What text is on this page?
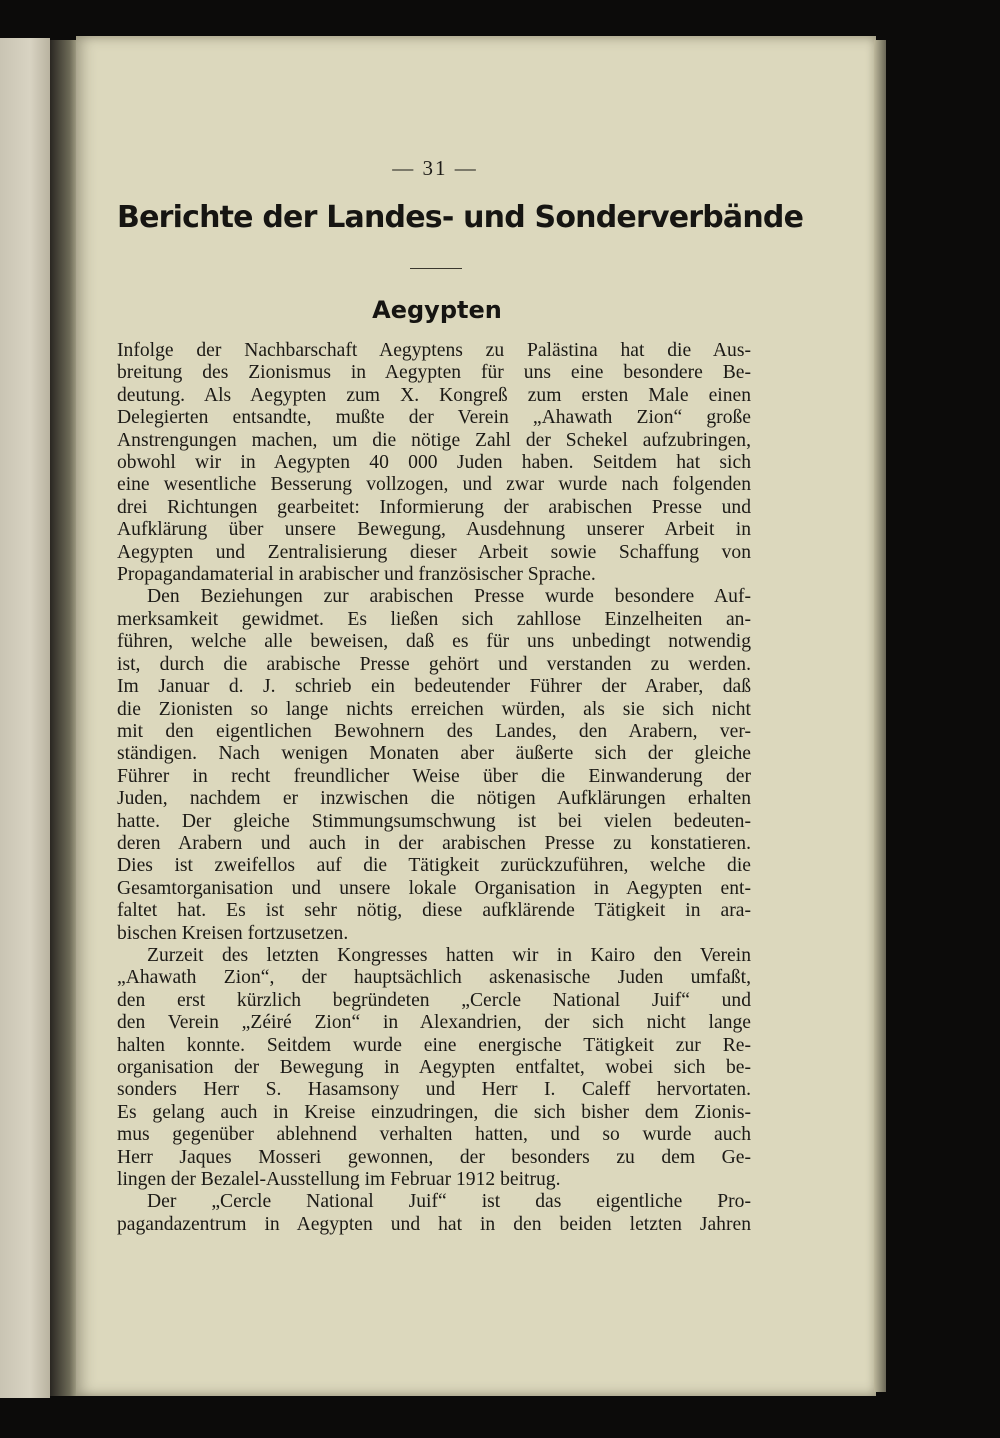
— 31 —
Berichte der Landes- und Sonderverbände
Aegypten

Infolge der Nachbarschaft Aegyptens zu Palästina hat die Aus-
breitung des Zionismus in Aegypten für uns eine besondere Be-
deutung. Als Aegypten zum X. Kongreß zum ersten Male einen
Delegierten entsandte, mußte der Verein „Ahawath Zion“ große
Anstrengungen machen, um die nötige Zahl der Schekel aufzubringen,
obwohl wir in Aegypten 40 000 Juden haben. Seitdem hat sich
eine wesentliche Besserung vollzogen, und zwar wurde nach folgenden
drei Richtungen gearbeitet: Informierung der arabischen Presse und
Aufklärung über unsere Bewegung, Ausdehnung unserer Arbeit in
Aegypten und Zentralisierung dieser Arbeit sowie Schaffung von
Propagandamaterial in arabischer und französischer Sprache.

Den Beziehungen zur arabischen Presse wurde besondere Auf-
merksamkeit gewidmet. Es ließen sich zahllose Einzelheiten an-
führen, welche alle beweisen, daß es für uns unbedingt notwendig
ist, durch die arabische Presse gehört und verstanden zu werden.
Im Januar d. J. schrieb ein bedeutender Führer der Araber, daß
die Zionisten so lange nichts erreichen würden, als sie sich nicht
mit den eigentlichen Bewohnern des Landes, den Arabern, ver-
ständigen. Nach wenigen Monaten aber äußerte sich der gleiche
Führer in recht freundlicher Weise über die Einwanderung der
Juden, nachdem er inzwischen die nötigen Aufklärungen erhalten
hatte. Der gleiche Stimmungsumschwung ist bei vielen bedeuten-
deren Arabern und auch in der arabischen Presse zu konstatieren.
Dies ist zweifellos auf die Tätigkeit zurückzuführen, welche die
Gesamtorganisation und unsere lokale Organisation in Aegypten ent-
faltet hat. Es ist sehr nötig, diese aufklärende Tätigkeit in ara-
bischen Kreisen fortzusetzen.

Zurzeit des letzten Kongresses hatten wir in Kairo den Verein
„Ahawath Zion“, der hauptsächlich askenasische Juden umfaßt,
den erst kürzlich begründeten „Cercle National Juif“ und
den Verein „Zéiré Zion“ in Alexandrien, der sich nicht lange
halten konnte. Seitdem wurde eine energische Tätigkeit zur Re-
organisation der Bewegung in Aegypten entfaltet, wobei sich be-
sonders Herr S. Hasamsony und Herr I. Caleff hervortaten.
Es gelang auch in Kreise einzudringen, die sich bisher dem Zionis-
mus gegenüber ablehnend verhalten hatten, und so wurde auch
Herr Jaques Mosseri gewonnen, der besonders zu dem Ge-
lingen der Bezalel-Ausstellung im Februar 1912 beitrug.

Der „Cercle National Juif“ ist das eigentliche Pro-
pagandazentrum in Aegypten und hat in den beiden letzten Jahren
